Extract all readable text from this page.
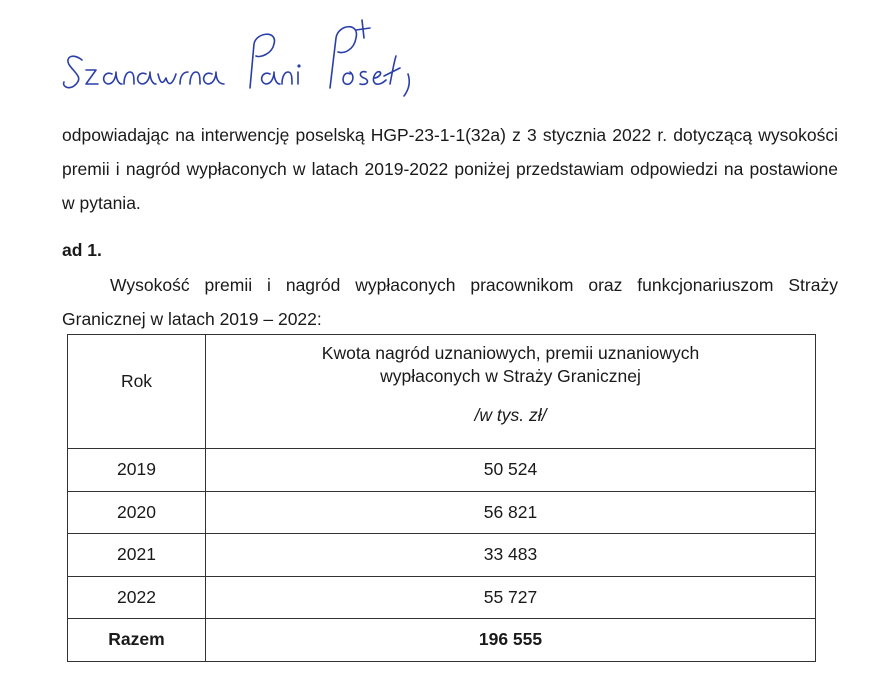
odpowiadając na interwencję poselską HGP-23-1-1(32a) z 3 stycznia 2022 r. dotyczącą wysokości premii i nagród wypłaconych w latach 2019-2022 poniżej przedstawiam odpowiedzi na postawione w pytania.

ad 1.

Wysokość premii i nagród wypłaconych pracownikom oraz funkcjonariuszom Straży Granicznej w latach 2019 – 2022:

Rok	Kwota nagród uznaniowych, premii uznaniowych
wypłaconych w Straży Granicznej
/w tys. zł/

2019	50 524
2020	56 821
2021	33 483
2022	55 727
Razem	196 555
